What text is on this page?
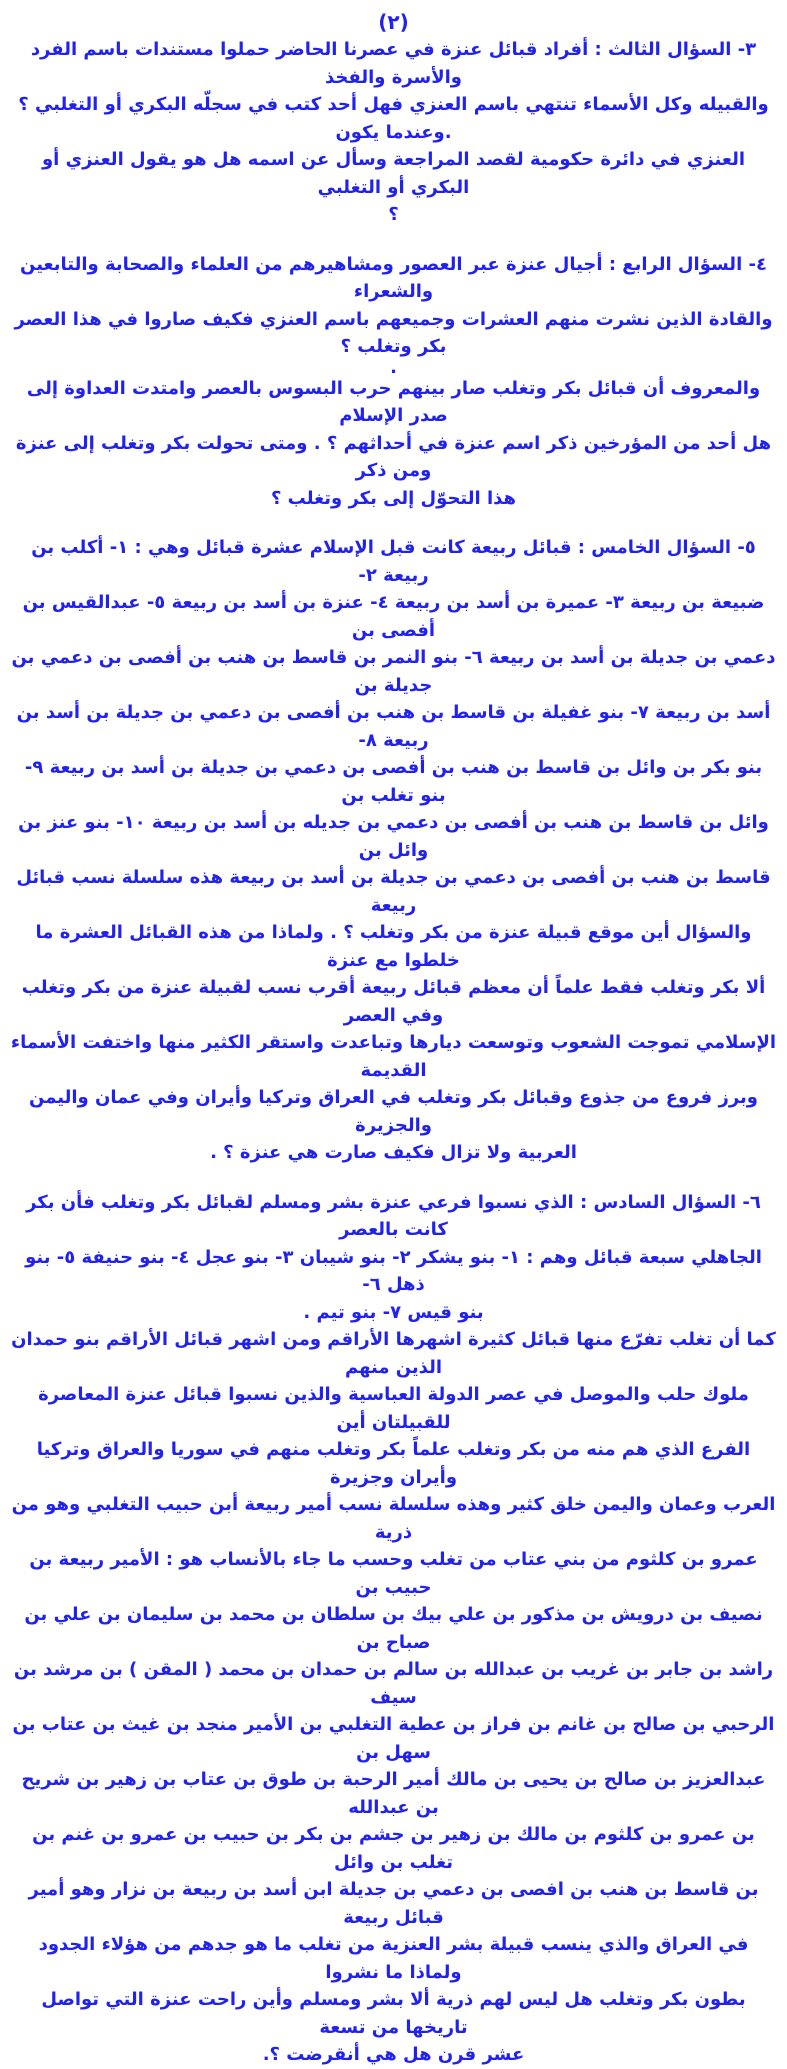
(٢)
٣- السؤال الثالث : أفراد قبائل عنزة في عصرنا الحاضر حملوا مستندات باسم الفرد والأسرة والفخذ
والقبيله وكل الأسماء تنتهي باسم العنزي فهل أحد كتب في سجلّه البكري أو التغلبي ؟ .وعندما يكون
العنزي في دائرة حكومية لقصد المراجعة وسأل عن اسمه هل هو يقول العنزي أو البكري أو التغلبي
؟
٤- السؤال الرابع : أجيال عنزة عبر العصور ومشاهيرهم من العلماء والصحابة والتابعين والشعراء
والقادة الذين نشرت منهم العشرات وجميعهم باسم العنزي فكيف صاروا في هذا العصر بكر وتغلب ؟
.
والمعروف أن قبائل بكر وتغلب صار بينهم حرب البسوس بالعصر وامتدت العداوة إلى صدر الإسلام
هل أحد من المؤرخين ذكر اسم عنزة في أحداثهم ؟ . ومتى تحولت بكر وتغلب إلى عنزة ومن ذكر
هذا التحوّل إلى بكر وتغلب ؟
٥- السؤال الخامس : قبائل ربيعة كانت قبل الإسلام عشرة قبائل وهي : ١- أكلب بن ربيعة ٢-
ضبيعة بن ربيعة ٣- عميرة بن أسد بن ربيعة ٤- عنزة بن أسد بن ربيعة ٥- عبدالقيس بن أفصى بن
دعمي بن جديلة بن أسد بن ربيعة ٦- بنو النمر بن قاسط بن هنب بن أفصى بن دعمي بن جديلة بن
أسد بن ربيعة ٧- بنو غفيلة بن قاسط بن هنب بن أفصى بن دعمي بن جديلة بن أسد بن ربيعة ٨-
بنو بكر بن وائل بن قاسط بن هنب بن أفصى بن دعمي بن جديلة بن أسد بن ربيعة ٩- بنو تغلب بن
وائل بن قاسط بن هنب بن أفصى بن دعمي بن جديله بن أسد بن ربيعة ١٠- بنو عنز بن وائل بن
قاسط بن هنب بن أفصى بن دعمي بن جديلة بن أسد بن ربيعة هذه سلسلة نسب قبائل ربيعة
والسؤال أين موقع قبيلة عنزة من بكر وتغلب ؟ . ولماذا من هذه القبائل العشرة ما خلطوا مع عنزة
ألا بكر وتغلب فقط علماً أن معظم قبائل ربيعة أقرب نسب لقبيلة عنزة من بكر وتغلب وفي العصر
الإسلامي تموجت الشعوب وتوسعت ديارها وتباعدت واستقر الكثير منها واختفت الأسماء القديمة
وبرز فروع من جذوع وقبائل بكر وتغلب في العراق وتركيا وأيران وفي عمان واليمن والجزيرة
العربية ولا تزال فكيف صارت هي عنزة ؟ .
٦- السؤال السادس : الذي نسبوا فرعي عنزة بشر ومسلم لقبائل بكر وتغلب فأن بكر كانت بالعصر
الجاهلي سبعة قبائل وهم : ١- بنو يشكر ٢- بنو شيبان ٣- بنو عجل ٤- بنو حنيفة ٥- بنو ذهل ٦-
بنو قيس ٧- بنو تيم .
كما أن تغلب تفرّع منها قبائل كثيرة اشهرها الأراقم ومن اشهر قبائل الأراقم بنو حمدان الذين منهم
ملوك حلب والموصل في عصر الدولة العباسية والذين نسبوا قبائل عنزة المعاصرة للقبيلتان أين
الفرع الذي هم منه من بكر وتغلب علماً بكر وتغلب منهم في سوريا والعراق وتركيا وأيران وجزيرة
العرب وعمان واليمن خلق كثير وهذه سلسلة نسب أمير ربيعة أبن حبيب التغلبي وهو من ذرية
عمرو بن كلثوم من بني عتاب من تغلب وحسب ما جاء بالأنساب هو : الأمير ربيعة بن حبيب بن
نصيف بن درويش بن مذكور بن علي بيك بن سلطان بن محمد بن سليمان بن علي بن صباح بن
راشد بن جابر بن غريب بن عبدالله بن سالم بن حمدان بن محمد ( المقن ) بن مرشد بن سيف
الرحبي بن صالح بن غانم بن فراز بن عطية التغلبي بن الأمير منجد بن غيث بن عتاب بن سهل بن
عبدالعزيز بن صالح بن يحيى بن مالك أمير الرحبة بن طوق بن عتاب بن زهير بن شريح بن عبدالله
بن عمرو بن كلثوم بن مالك بن زهير بن جشم بن بكر بن حبيب بن عمرو بن غنم بن تغلب بن وائل
بن قاسط بن هنب بن افصى بن دعمي بن جديلة ابن أسد بن ربيعة بن نزار وهو أمير قبائل ربيعة
في العراق والذي ينسب قبيلة بشر العنزية من تغلب ما هو جدهم من هؤلاء الجدود ولماذا ما نشروا
بطون بكر وتغلب هل ليس لهم ذرية ألا بشر ومسلم وأين راحت عنزة التي تواصل تاريخها من تسعة
عشر قرن هل هي أنقرضت ؟.
